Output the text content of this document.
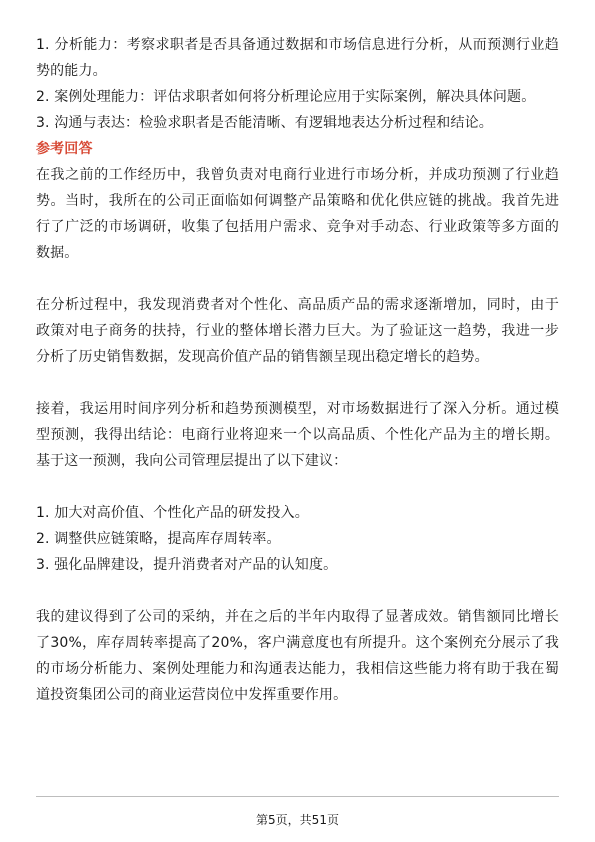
1. 分析能力：考察求职者是否具备通过数据和市场信息进行分析，从而预测行业趋势的能力。

2. 案例处理能力：评估求职者如何将分析理论应用于实际案例，解决具体问题。

3. 沟通与表达：检验求职者是否能清晰、有逻辑地表达分析过程和结论。

参考回答

在我之前的工作经历中，我曾负责对电商行业进行市场分析，并成功预测了行业趋势。当时，我所在的公司正面临如何调整产品策略和优化供应链的挑战。我首先进行了广泛的市场调研，收集了包括用户需求、竞争对手动态、行业政策等多方面的数据。

在分析过程中，我发现消费者对个性化、高品质产品的需求逐渐增加，同时，由于政策对电子商务的扶持，行业的整体增长潜力巨大。为了验证这一趋势，我进一步分析了历史销售数据，发现高价值产品的销售额呈现出稳定增长的趋势。

接着，我运用时间序列分析和趋势预测模型，对市场数据进行了深入分析。通过模型预测，我得出结论：电商行业将迎来一个以高品质、个性化产品为主的增长期。基于这一预测，我向公司管理层提出了以下建议：

1. 加大对高价值、个性化产品的研发投入。

2. 调整供应链策略，提高库存周转率。

3. 强化品牌建设，提升消费者对产品的认知度。

我的建议得到了公司的采纳，并在之后的半年内取得了显著成效。销售额同比增长了30%，库存周转率提高了20%，客户满意度也有所提升。这个案例充分展示了我的市场分析能力、案例处理能力和沟通表达能力，我相信这些能力将有助于我在蜀道投资集团公司的商业运营岗位中发挥重要作用。

第5页，共51页
